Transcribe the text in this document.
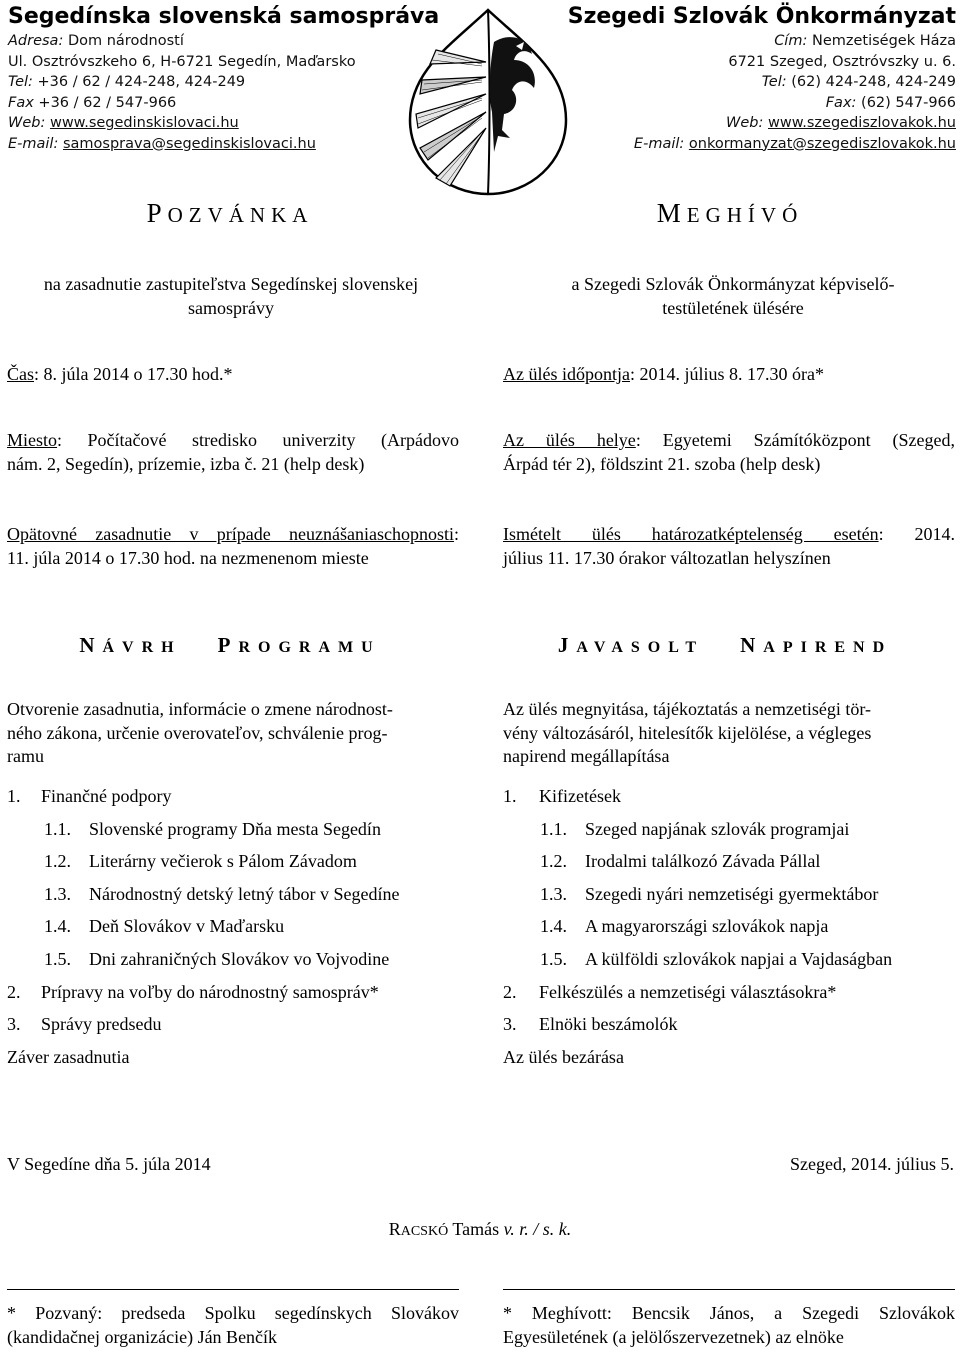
Segedínska slovenská samospráva
Adresa: Dom národností
Ul. Osztróvszkeho 6, H-6721 Segedín, Maďarsko
Tel: +36 / 62 / 424-248, 424-249
Fax +36 / 62 / 547-966
Web: www.segedinskislovaci.hu
E-mail: samosprava@segedinskislovaci.hu
Szegedi Szlovák Önkormányzat
Cím: Nemzetiségek Háza
6721 Szeged, Osztróvszky u. 6.
Tel: (62) 424-248, 424-249
Fax: (62) 547-966
Web: www.szegediszlovakok.hu
E-mail: onkormanyzat@szegediszlovakok.hu
POZVÁNKA	MEGHÍVÓ
na zasadnutie zastupiteľstva Segedínskej slovenskej samosprávy
a Szegedi Szlovák Önkormányzat képviselő-
testületének ülésére
Čas: 8. júla 2014 o 17.30 hod.*	Az ülés időpontja: 2014. július 8. 17.30 óra*
Miesto: Počítačové stredisko univerzity (Arpádovo
nám. 2, Segedín), prízemie, izba č. 21 (help desk)
Az ülés helye: Egyetemi Számítóközpont (Szeged,
Árpád tér 2), földszint 21. szoba (help desk)
Opätovné zasadnutie v prípade neuznášaniaschopnosti:
11. júla 2014 o 17.30 hod. na nezmenenom mieste
Ismételt ülés határozatképtelenség esetén: 2014.
július 11. 17.30 órakor változatlan helyszínen
NÁVRH PROGRAMU	JAVASOLT NAPIREND
Otvorenie zasadnutia, informácie o zmene národnost-
ného zákona, určenie overovateľov, schválenie prog-
ramu
1. Finančné podpory
1.1. Slovenské programy Dňa mesta Segedín
1.2. Literárny večierok s Pálom Závadom
1.3. Národnostný detský letný tábor v Segedíne
1.4. Deň Slovákov v Maďarsku
1.5. Dni zahraničných Slovákov vo Vojvodine
2. Prípravy na voľby do národnostný samospráv*
3. Správy predsedu
Záver zasadnutia
Az ülés megnyitása, tájékoztatás a nemzetiségi tör-
vény változásáról, hitelesítők kijelölése, a végleges
napirend megállapítása
1. Kifizetések
1.1. Szeged napjának szlovák programjai
1.2. Irodalmi találkozó Závada Pállal
1.3. Szegedi nyári nemzetiségi gyermektábor
1.4. A magyarországi szlovákok napja
1.5. A külföldi szlovákok napjai a Vajdaságban
2. Felkészülés a nemzetiségi választásokra*
3. Elnöki beszámolók
Az ülés bezárása
V Segedíne dňa 5. júla 2014	Szeged, 2014. július 5.
RACSKÓ Tamás v. r. / s. k.
* Pozvaný: predseda Spolku segedínskych Slovákov
(kandidačnej organizácie) Ján Benčík
* Meghívott: Bencsik János, a Szegedi Szlovákok
Egyesületének (a jelölőszervezetnek) az elnöke
